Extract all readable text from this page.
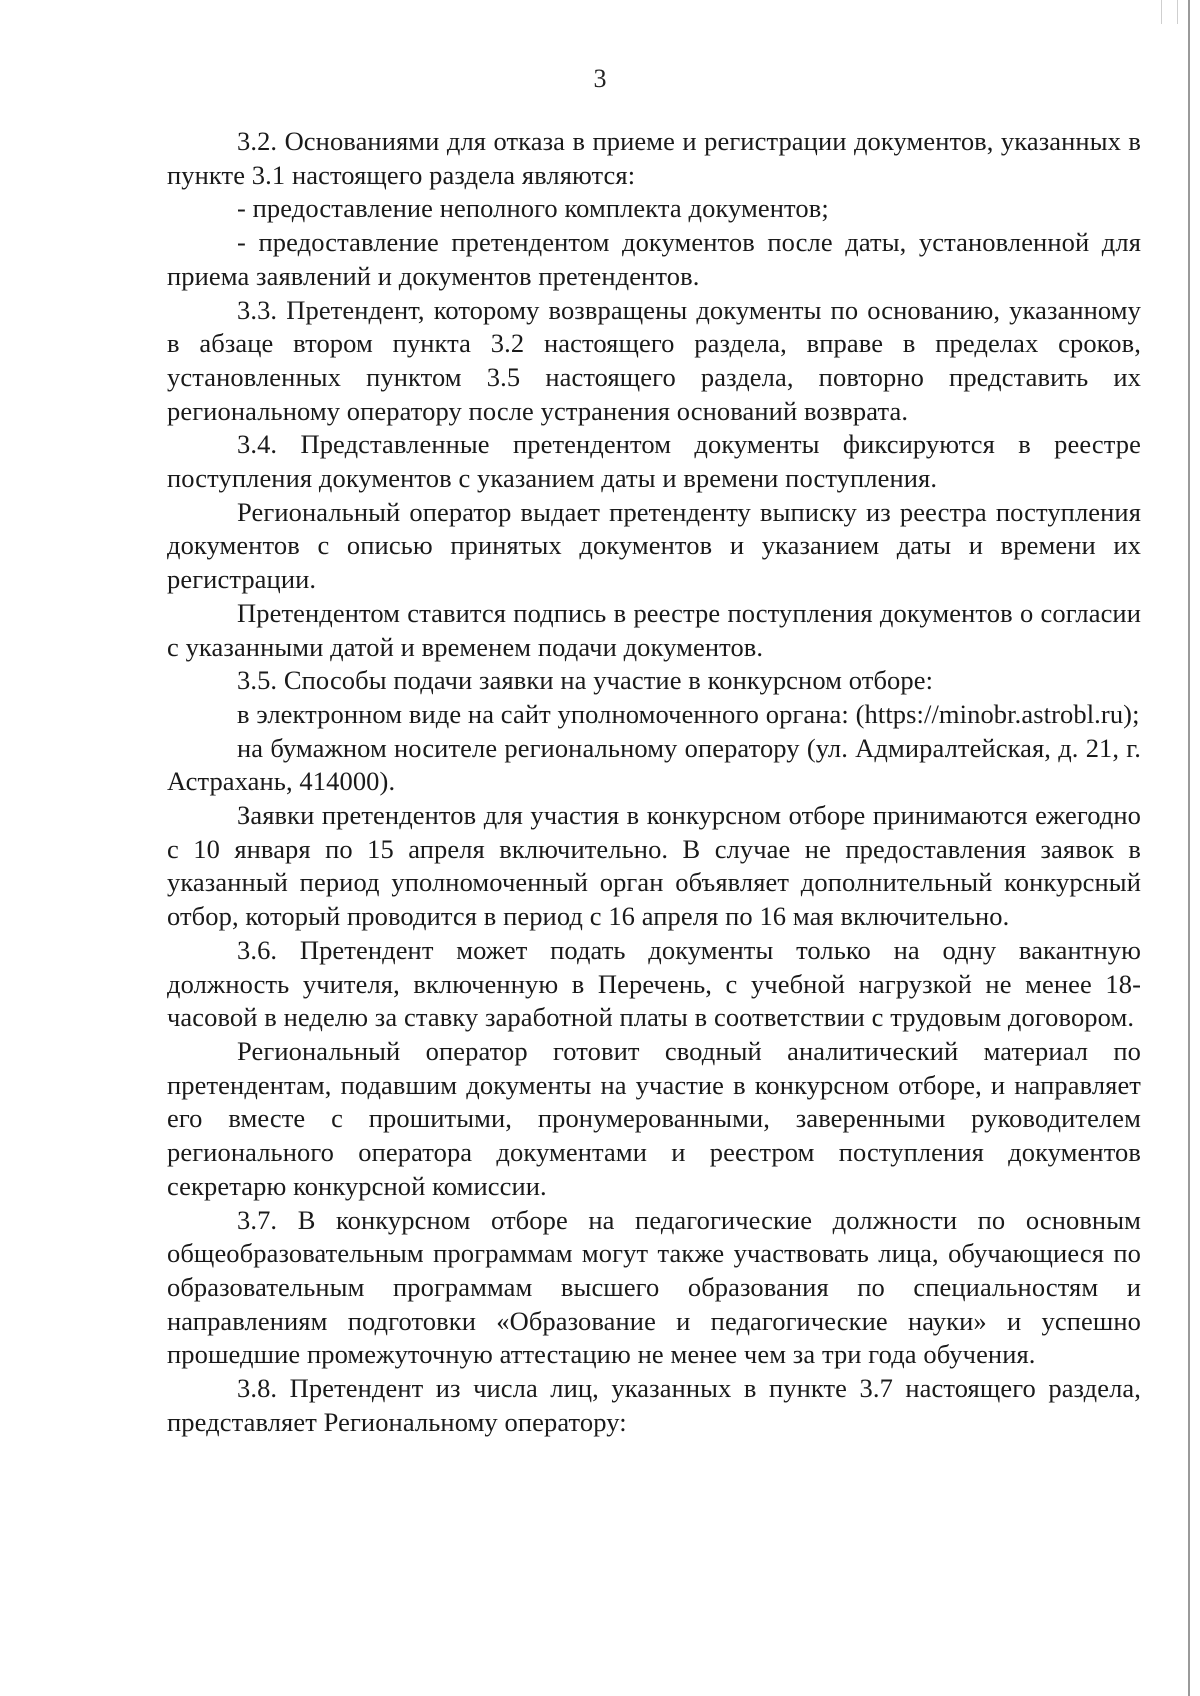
3

3.2. Основаниями для отказа в приеме и регистрации документов, указанных в пункте 3.1 настоящего раздела являются:

- предоставление неполного комплекта документов;

- предоставление претендентом документов после даты, установленной для приема заявлений и документов претендентов.

3.3. Претендент, которому возвращены документы по основанию, указанному в абзаце втором пункта 3.2 настоящего раздела, вправе в пределах сроков, установленных пунктом 3.5 настоящего раздела, повторно представить их региональному оператору после устранения оснований возврата.

3.4. Представленные претендентом документы фиксируются в реестре поступления документов с указанием даты и времени поступления.

Региональный оператор выдает претенденту выписку из реестра поступления документов с описью принятых документов и указанием даты и времени их регистрации.

Претендентом ставится подпись в реестре поступления документов о согласии с указанными датой и временем подачи документов.

3.5. Способы подачи заявки на участие в конкурсном отборе:

в электронном виде на сайт уполномоченного органа: (https://minobr.astrobl.ru);

на бумажном носителе региональному оператору (ул. Адмиралтейская, д. 21, г. Астрахань, 414000).

Заявки претендентов для участия в конкурсном отборе принимаются ежегодно с 10 января по 15 апреля включительно. В случае не предоставления заявок в указанный период уполномоченный орган объявляет дополнительный конкурсный отбор, который проводится в период с 16 апреля по 16 мая включительно.

3.6. Претендент может подать документы только на одну вакантную должность учителя, включенную в Перечень, с учебной нагрузкой не менее 18-часовой в неделю за ставку заработной платы в соответствии с трудовым договором.

Региональный оператор готовит сводный аналитический материал по претендентам, подавшим документы на участие в конкурсном отборе, и направляет его вместе с прошитыми, пронумерованными, заверенными руководителем регионального оператора документами и реестром поступления документов секретарю конкурсной комиссии.

3.7. В конкурсном отборе на педагогические должности по основным общеобразовательным программам могут также участвовать лица, обучающиеся по образовательным программам высшего образования по специальностям и направлениям подготовки «Образование и педагогические науки» и успешно прошедшие промежуточную аттестацию не менее чем за три года обучения.

3.8. Претендент из числа лиц, указанных в пункте 3.7 настоящего раздела, представляет Региональному оператору:
